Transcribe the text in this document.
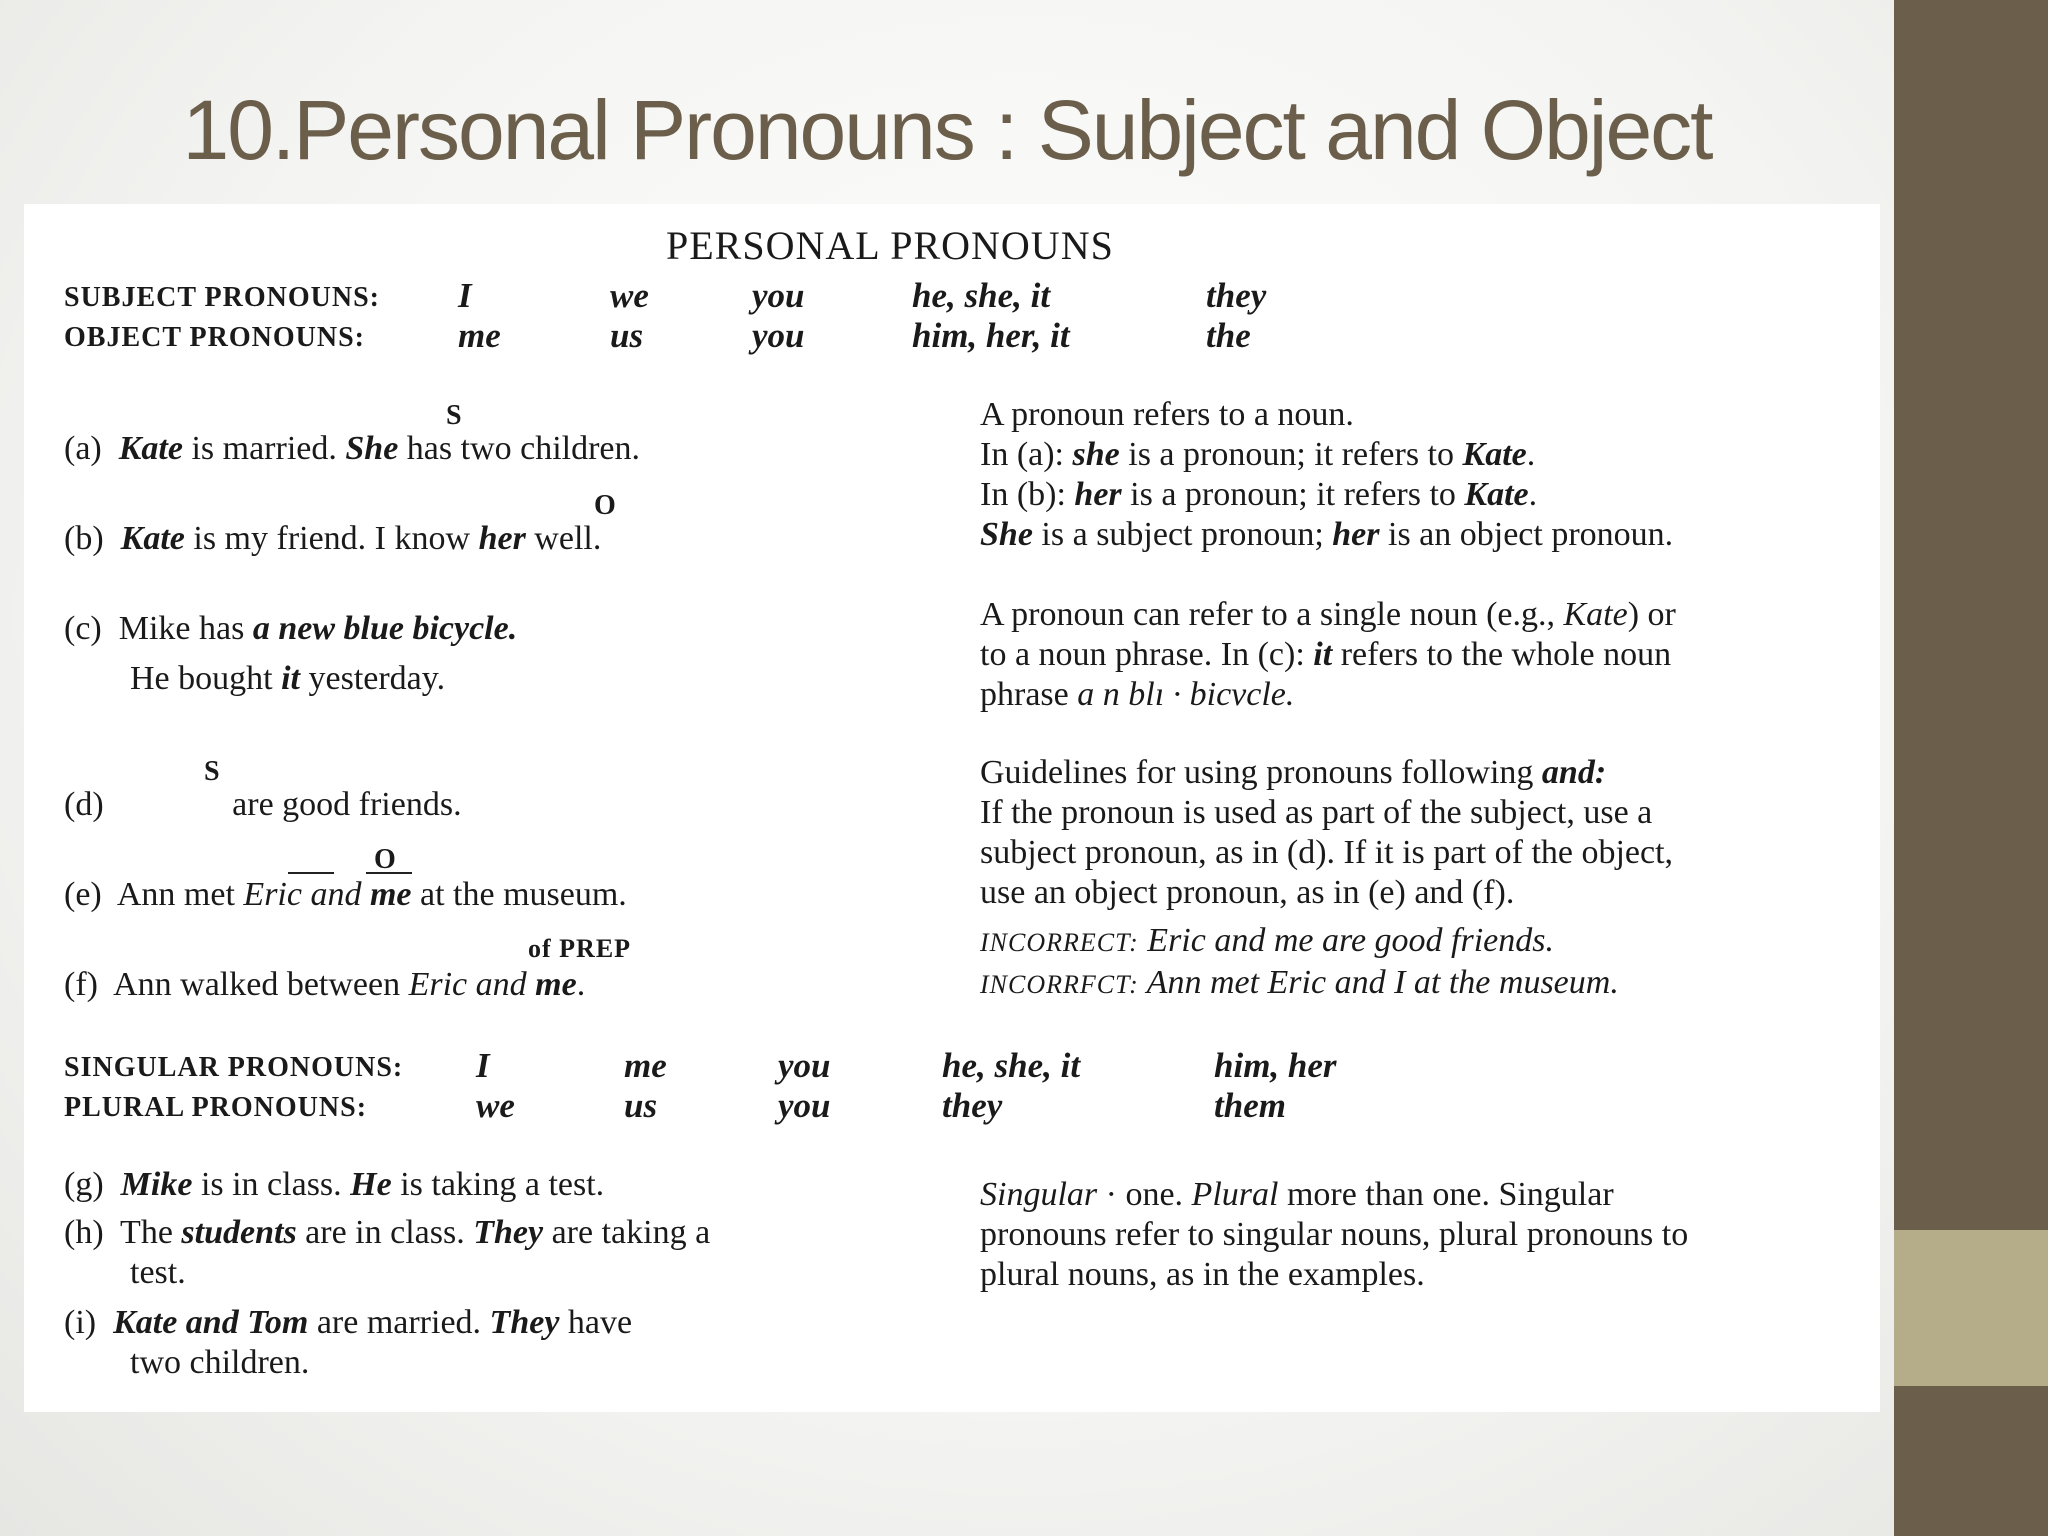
10.Personal Pronouns : Subject and Object
PERSONAL PRONOUNS
SUBJECT PRONOUNS: I	we	you	he, she, it	they
OBJECT PRONOUNS:	me	us	you	him, her, it	the
S
(a) Kate is married. She has two children.
O
(b) Kate is my friend. I know her well.
(c) Mike has a new blue bicycle.
He bought it yesterday.
S
(d)	are good friends.
O
(e) Ann met Eric and me at the museum.
of PREP
(f) Ann walked between Eric and me.
A pronoun refers to a noun.
In (a): she is a pronoun; it refers to Kate.
In (b): her is a pronoun; it refers to Kate.
She is a subject pronoun; her is an object pronoun.
A pronoun can refer to a single noun (e.g., Kate) or
to a noun phrase. In (c): it refers to the whole noun
phrase a n blı · bicvcle.
Guidelines for using pronouns following and:
If the pronoun is used as part of the subject, use a
subject pronoun, as in (d). If it is part of the object,
use an object pronoun, as in (e) and (f).
INCORRECT: Eric and me are good friends.
INCORRFCT: Ann met Eric and I at the museum.
SINGULAR PRONOUNS: I	me	you	he, she, it	him, her
PLURAL PRONOUNS:	we	us	you	they	them
(g) Mike is in class. He is taking a test.
(h) The students are in class. They are taking a
test.
(i) Kate and Tom are married. They have
two children.
Singular · one. Plural more than one. Singular
pronouns refer to singular nouns, plural pronouns to
plural nouns, as in the examples.
